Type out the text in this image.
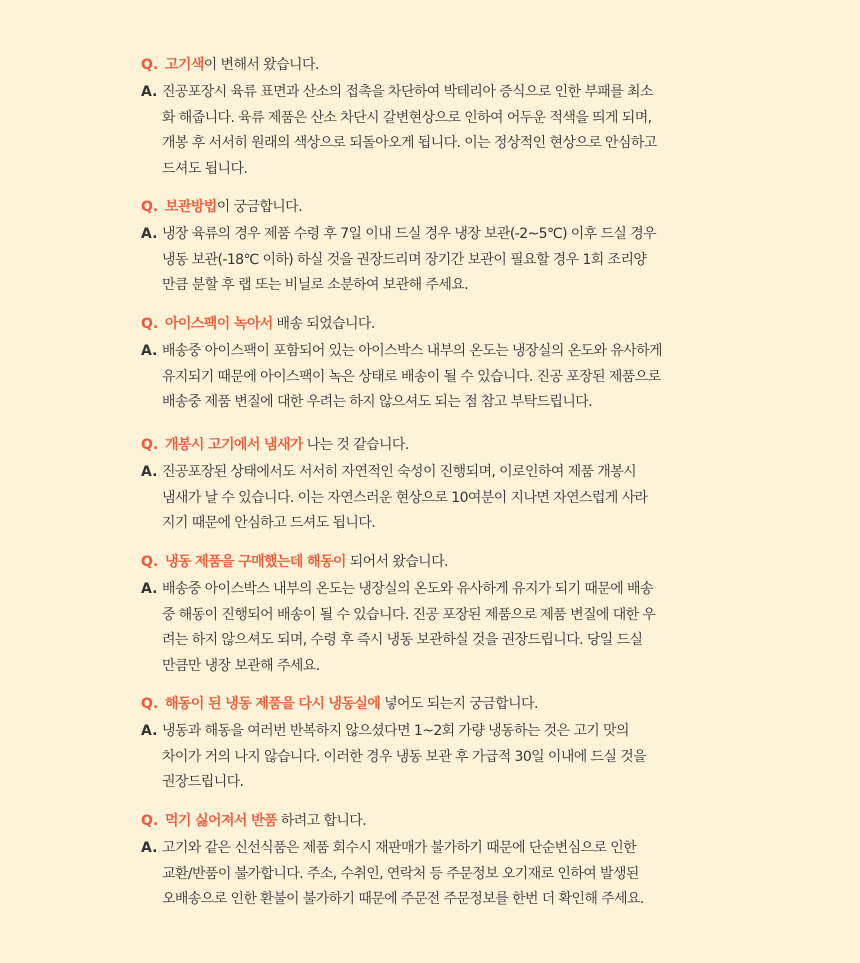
Q. 고기색이 변해서 왔습니다.
A. 진공포장시 육류 표면과 산소의 접촉을 차단하여 박테리아 증식으로 인한 부패를 최소
화 해줍니다. 육류 제품은 산소 차단시 갈변현상으로 인하여 어두운 적색을 띄게 되며,
개봉 후 서서히 원래의 색상으로 되돌아오게 됩니다. 이는 정상적인 현상으로 안심하고
드셔도 됩니다.
Q. 보관방법이 궁금합니다.
A. 냉장 육류의 경우 제품 수령 후 7일 이내 드실 경우 냉장 보관(-2~5℃) 이후 드실 경우
냉동 보관(-18℃ 이하) 하실 것을 권장드리며 장기간 보관이 필요할 경우 1회 조리양
만큼 분할 후 랩 또는 비닐로 소분하여 보관해 주세요.
Q. 아이스팩이 녹아서 배송 되었습니다.
A. 배송중 아이스팩이 포함되어 있는 아이스박스 내부의 온도는 냉장실의 온도와 유사하게
유지되기 때문에 아이스팩이 녹은 상태로 배송이 될 수 있습니다. 진공 포장된 제품으로
배송중 제품 변질에 대한 우려는 하지 않으셔도 되는 점 참고 부탁드립니다.
Q. 개봉시 고기에서 냄새가 나는 것 같습니다.
A. 진공포장된 상태에서도 서서히 자연적인 숙성이 진행되며, 이로인하여 제품 개봉시
냄새가 날 수 있습니다. 이는 자연스러운 현상으로 10여분이 지나면 자연스럽게 사라
지기 때문에 안심하고 드셔도 됩니다.
Q. 냉동 제품을 구매했는데 해동이 되어서 왔습니다.
A. 배송중 아이스박스 내부의 온도는 냉장실의 온도와 유사하게 유지가 되기 때문에 배송
중 해동이 진행되어 배송이 될 수 있습니다. 진공 포장된 제품으로 제품 변질에 대한 우
려는 하지 않으셔도 되며, 수령 후 즉시 냉동 보관하실 것을 권장드립니다. 당일 드실
만큼만 냉장 보관해 주세요.
Q. 해동이 된 냉동 제품을 다시 냉동실에 넣어도 되는지 궁금합니다.
A. 냉동과 해동을 여러번 반복하지 않으셨다면 1~2회 가량 냉동하는 것은 고기 맛의
차이가 거의 나지 않습니다. 이러한 경우 냉동 보관 후 가급적 30일 이내에 드실 것을
권장드립니다.
Q. 먹기 싫어져서 반품 하려고 합니다.
A. 고기와 같은 신선식품은 제품 회수시 재판매가 불가하기 때문에 단순변심으로 인한
교환/반품이 불가합니다. 주소, 수취인, 연락처 등 주문정보 오기재로 인하여 발생된
오배송으로 인한 환불이 불가하기 때문에 주문전 주문정보를 한번 더 확인해 주세요.
